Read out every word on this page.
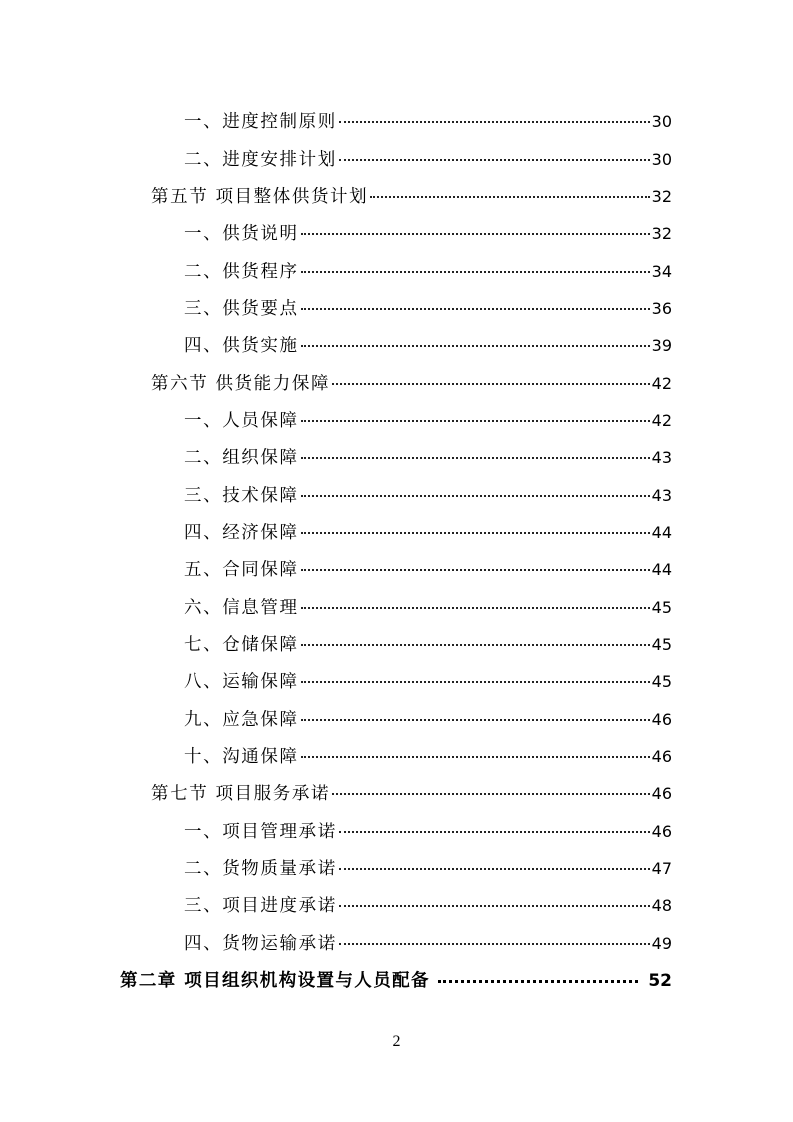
一、进度控制原则	30
二、进度安排计划	30
第五节 项目整体供货计划	32
一、供货说明	32
二、供货程序	34
三、供货要点	36
四、供货实施	39
第六节 供货能力保障	42
一、人员保障	42
二、组织保障	43
三、技术保障	43
四、经济保障	44
五、合同保障	44
六、信息管理	45
七、仓储保障	45
八、运输保障	45
九、应急保障	46
十、沟通保障	46
第七节 项目服务承诺	46
一、项目管理承诺	46
二、货物质量承诺	47
三、项目进度承诺	48
四、货物运输承诺	49
第二章 项目组织机构设置与人员配备	52
2
